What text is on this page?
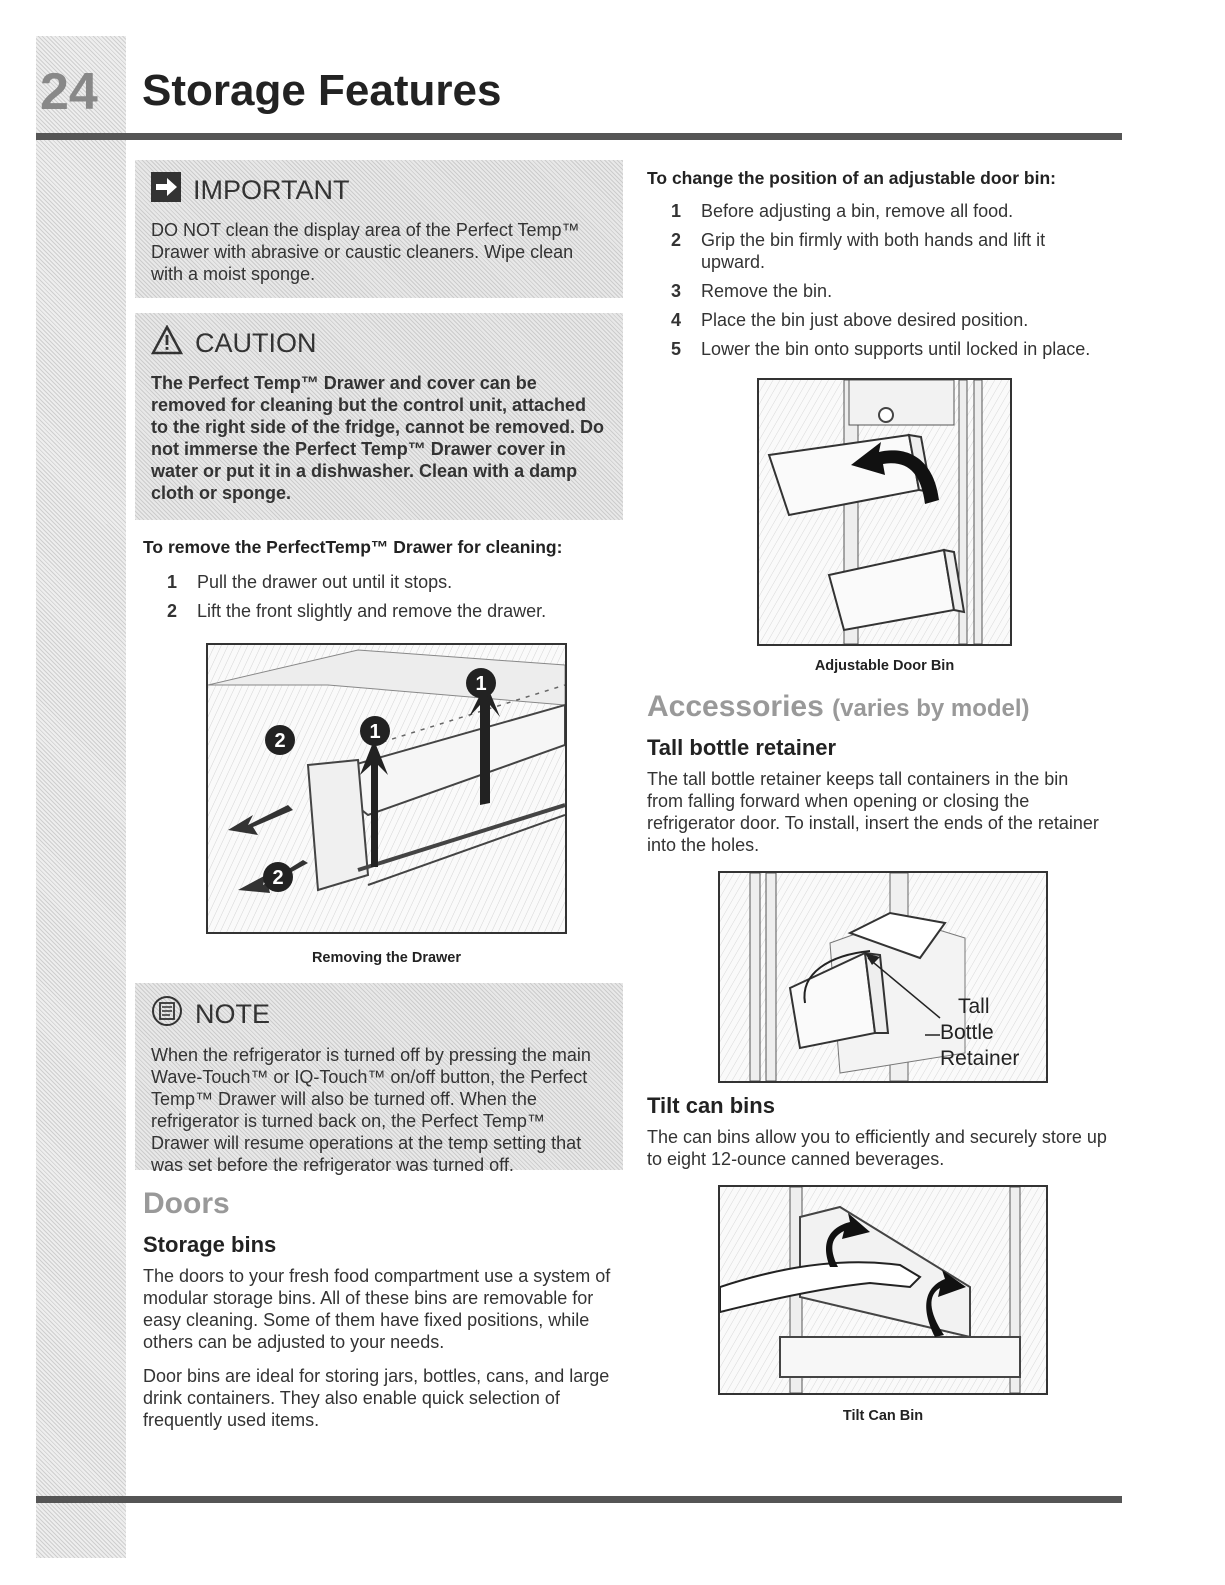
24 Storage Features
IMPORTANT
DO NOT clean the display area of the Perfect Temp™ Drawer with abrasive or caustic cleaners. Wipe clean with a moist sponge.
CAUTION
The Perfect Temp™ Drawer and cover can be removed for cleaning but the control unit, attached to the right side of the fridge, cannot be removed. Do not immerse the Perfect Temp™ Drawer cover in water or put it in a dishwasher. Clean with a damp cloth or sponge.
To remove the PerfectTemp™ Drawer for cleaning:
1	Pull the drawer out until it stops.
2	Lift the front slightly and remove the drawer.
1
1
2
2
Removing the Drawer
NOTE
When the refrigerator is turned off by pressing the main Wave-Touch™ or IQ-Touch™ on/off button, the Perfect Temp™ Drawer will also be turned off. When the refrigerator is turned back on, the Perfect Temp™ Drawer will resume operations at the temp setting that was set before the refrigerator was turned off.
Doors
Storage bins

The doors to your fresh food compartment use a system of modular storage bins. All of these bins are removable for easy cleaning. Some of them have fixed positions, while others can be adjusted to your needs.

Door bins are ideal for storing jars, bottles, cans, and large drink containers. They also enable quick selection of frequently used items.

To change the position of an adjustable door bin:
1	Before adjusting a bin, remove all food.
2	Grip the bin firmly with both hands and lift it upward.
3	Remove the bin.
4	Place the bin just above desired position.
5	Lower the bin onto supports until locked in place.
Adjustable Door Bin
Accessories (varies by model)
Tall bottle retainer
The tall bottle retainer keeps tall containers in the bin from falling forward when opening or closing the refrigerator door. To install, insert the ends of the retainer into the holes.
Tall
Bottle
Retainer
Tilt can bins
The can bins allow you to efficiently and securely store up to eight 12-ounce canned beverages.
Tilt Can Bin
